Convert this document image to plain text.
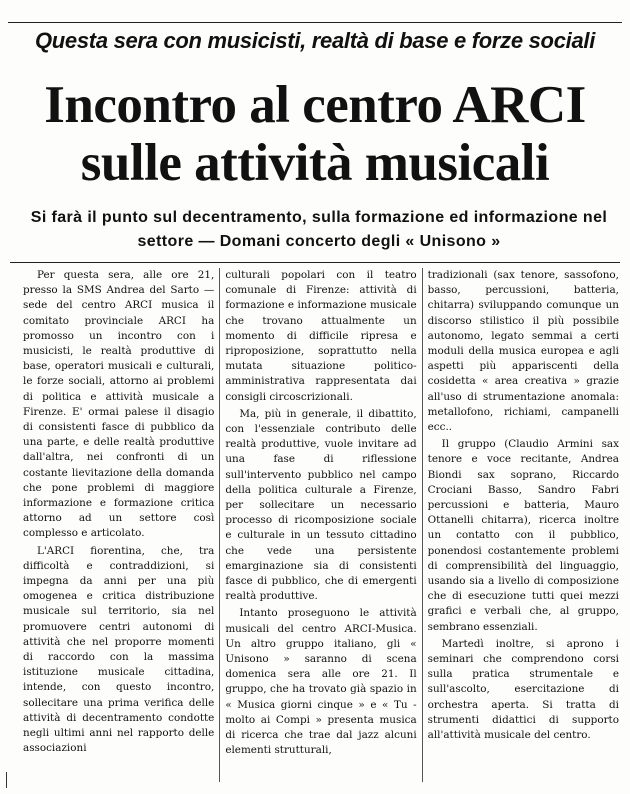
Questa sera con musicisti, realtà di base e forze sociali
Incontro al centro ARCI
sulle attività musicali
Si farà il punto sul decentramento, sulla formazione ed informazione nel settore — Domani concerto degli « Unisono »

Per questa sera, alle ore 21, presso la SMS Andrea del Sarto — sede del centro ARCI musica il comitato provinciale ARCI ha promosso un incontro con i musicisti, le realtà produttive di base, operatori musicali e culturali, le forze sociali, attorno ai problemi di politica e attività musicale a Firenze. E' ormai palese il disagio di consistenti fasce di pubblico da una parte, e delle realtà produttive dall'altra, nei confronti di un costante lievitazione della domanda che pone problemi di maggiore informazione e formazione critica attorno ad un settore così complesso e articolato.

L'ARCI fiorentina, che, tra difficoltà e contraddizioni, si impegna da anni per una più omogenea e critica distribuzione musicale sul territorio, sia nel promuovere centri autonomi di attività che nel proporre momenti di raccordo con la massima istituzione musicale cittadina, intende, con questo incontro, sollecitare una prima verifica delle attività di decentramento condotte negli ultimi anni nel rapporto delle associazioni

culturali popolari con il teatro comunale di Firenze: attività di formazione e informazione musicale che trovano attualmente un momento di difficile ripresa e riproposizione, soprattutto nella mutata situazione politico-amministrativa rappresentata dai consigli circoscrizionali.

Ma, più in generale, il dibattito, con l'essenziale contributo delle realtà produttive, vuole invitare ad una fase di riflessione sull'intervento pubblico nel campo della politica culturale a Firenze, per sollecitare un necessario processo di ricomposizione sociale e culturale in un tessuto cittadino che vede una persistente emarginazione sia di consistenti fasce di pubblico, che di emergenti realtà produttive.

Intanto proseguono le attività musicali del centro ARCI-Musica. Un altro gruppo italiano, gli « Unisono » saranno di scena domenica sera alle ore 21. Il gruppo, che ha trovato già spazio in « Musica giorni cinque » e « Tu - molto ai Compi » presenta musica di ricerca che trae dal jazz alcuni elementi strutturali,

tradizionali (sax tenore, sassofono, basso, percussioni, batteria, chitarra) sviluppando comunque un discorso stilistico il più possibile autonomo, legato semmai a certi moduli della musica europea e agli aspetti più appariscenti della cosidetta « area creativa » grazie all'uso di strumentazione anomala: metallofono, richiami, campanelli ecc..

Il gruppo (Claudio Armini sax tenore e voce recitante, Andrea Biondi sax soprano, Riccardo Crociani Basso, Sandro Fabri percussioni e batteria, Mauro Ottanelli chitarra), ricerca inoltre un contatto con il pubblico, ponendosi costantemente problemi di comprensibilità del linguaggio, usando sia a livello di composizione che di esecuzione tutti quei mezzi grafici e verbali che, al gruppo, sembrano essenziali.

Martedì inoltre, si aprono i seminari che comprendono corsi sulla pratica strumentale e sull'ascolto, esercitazione di orchestra aperta. Si tratta di strumenti didattici di supporto all'attività musicale del centro.
